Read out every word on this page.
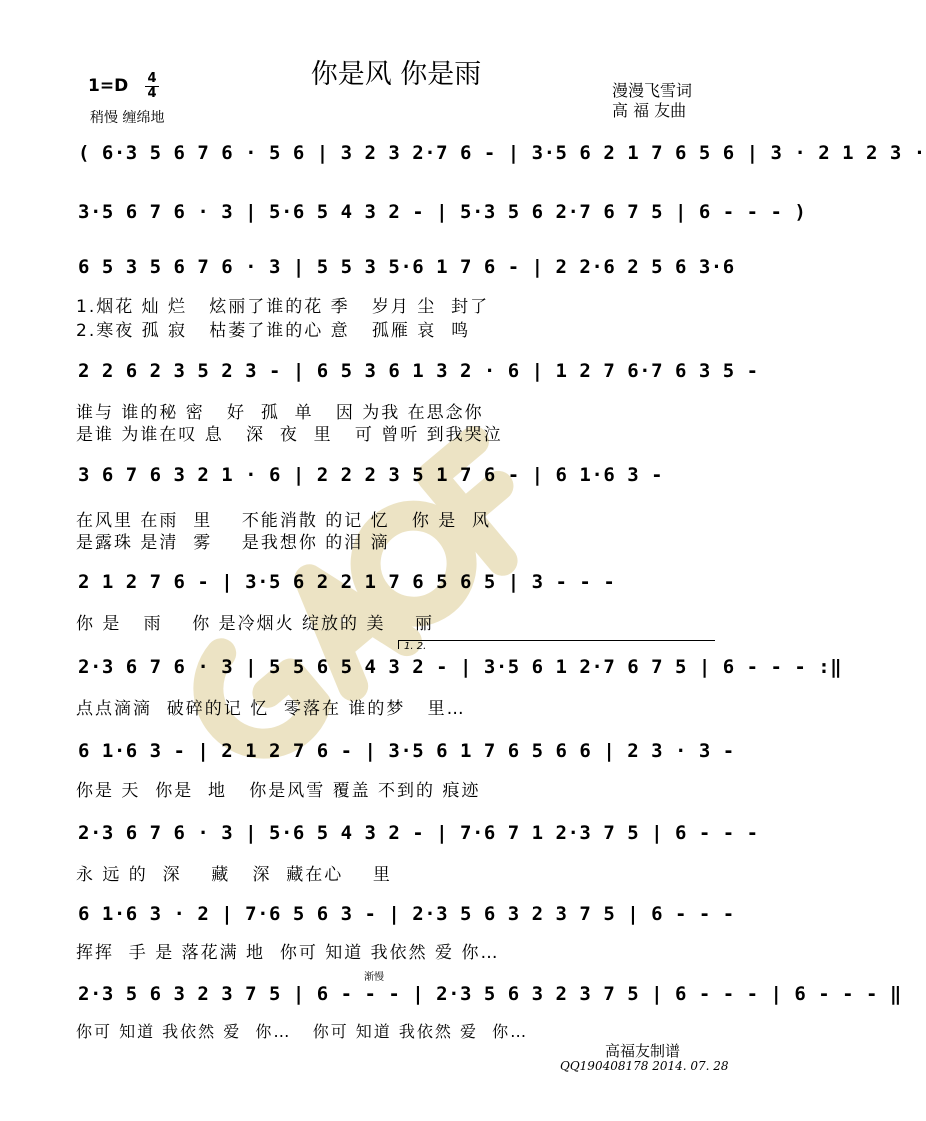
你是风 你是雨
$1=D \frac{4}{4}$
稍慢 缠绵地
漫漫飞雪词
高 福 友曲
( 6·3 5 6 7 6 · 5 6 | 3 2 3 2·7 6 - | 3·5 6 2 1 7 6 5 6 | 3 · 2 1 2 3 ·
3·5 6 7 6 · 3 | 5·6 5 4 3 2 - | 5·3 5 6 2·7 6 7 5 | 6 - - - )
6 5 3 5 6 7 6 · 3 | 5 5 3 5·6 1 7 6 - | 2 2·6 2 5 6 3·6
1.烟花 灿 烂   炫丽了谁的花 季   岁月 尘  封了
2.寒夜 孤 寂   枯萎了谁的心 意   孤雁 哀  鸣
2 2 6 2 3 5 2 3 - | 6 5 3 6 1 3 2 · 6 | 1 2 7 6·7 6 3 5 -
谁与 谁的秘 密   好  孤  单   因 为我 在思念你
是谁 为谁在叹 息   深  夜  里   可 曾听 到我哭泣
3 6 7 6 3 2 1 · 6 | 2 2 2 3 5 1 7 6 - | 6 1·6 3 -
在风里 在雨  里    不能消散 的记 忆   你 是  风
是露珠 是清  雾    是我想你 的泪 滴
2 1 2 7 6 - | 3·5 6 2 2 1 7 6 5 6 5 | 3 - - -
你 是   雨    你 是冷烟火 绽放的 美    丽
1. 2.
2·3 6 7 6 · 3 | 5 5 6 5 4 3 2 - | 3·5 6 1 2·7 6 7 5 | 6 - - - :‖
点点滴滴  破碎的记 忆  零落在 谁的梦   里…
6 1·6 3 - | 2 1 2 7 6 - | 3·5 6 1 7 6 5 6 6 | 2 3 · 3 -
你是 天  你是  地   你是风雪 覆盖 不到的 痕迹
2·3 6 7 6 · 3 | 5·6 5 4 3 2 - | 7·6 7 1 2·3 7 5 | 6 - - -
永 远 的  深    藏   深  藏在心    里
6 1·6 3 · 2 | 7·6 5 6 3 - | 2·3 5 6 3 2 3 7 5 | 6 - - -
挥挥  手 是 落花满 地  你可 知道 我依然 爱 你…
渐慢
2·3 5 6 3 2 3 7 5 | 6 - - - | 2·3 5 6 3 2 3 7 5 | 6 - - - | 6 - - - ‖
你可 知道 我依然 爱  你…   你可 知道 我依然 爱  你…
高福友制谱
QQ190408178 2014. 07. 28
